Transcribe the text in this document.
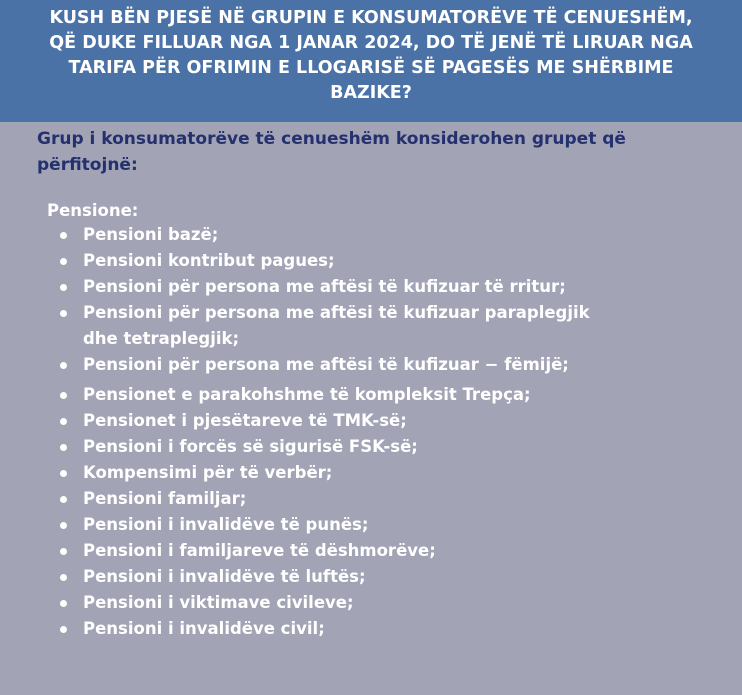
KUSH BËN PJESË NË GRUPIN E KONSUMATORËVE TË CENUESHËM,
QË DUKE FILLUAR NGA 1 JANAR 2024, DO TË JENË TË LIRUAR NGA
TARIFA PËR OFRIMIN E LLOGARISË SË PAGESËS ME SHËRBIME
BAZIKE?
Grup i konsumatorëve të cenueshëm konsiderohen grupet që
përfitojnë:
Pensione:
Pensioni bazë;
Pensioni kontribut pagues;
Pensioni për persona me aftësi të kufizuar të rritur;
Pensioni për persona me aftësi të kufizuar paraplegjik
dhe tetraplegjik;
Pensioni për persona me aftësi të kufizuar − fëmijë;
Pensionet e parakohshme të kompleksit Trepça;
Pensionet i pjesëtareve të TMK-së;
Pensioni i forcës së sigurisë FSK-së;
Kompensimi për të verbër;
Pensioni familjar;
Pensioni i invalidëve të punës;
Pensioni i familjareve të dëshmorëve;
Pensioni i invalidëve të luftës;
Pensioni i viktimave civileve;
Pensioni i invalidëve civil;
